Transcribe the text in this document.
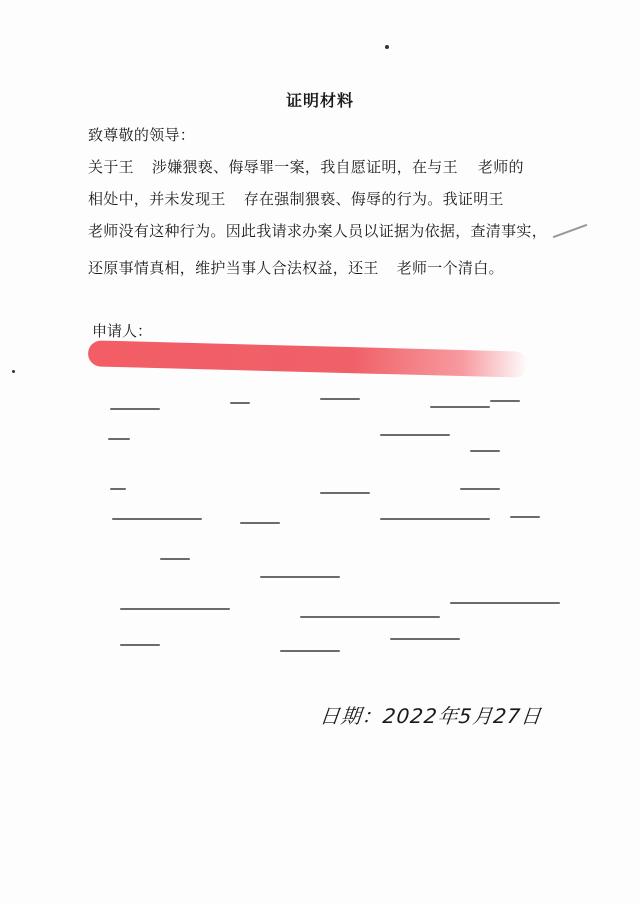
证明材料
致尊敬的领导：
关于王 涉嫌猥亵、侮辱罪一案，我自愿证明，在与王 老师的
相处中，并未发现王 存在强制猥亵、侮辱的行为。我证明王
老师没有这种行为。因此我请求办案人员以证据为依据，查清事实，
还原事情真相，维护当事人合法权益，还王 老师一个清白。
申请人：
日期：2022年5月27日
